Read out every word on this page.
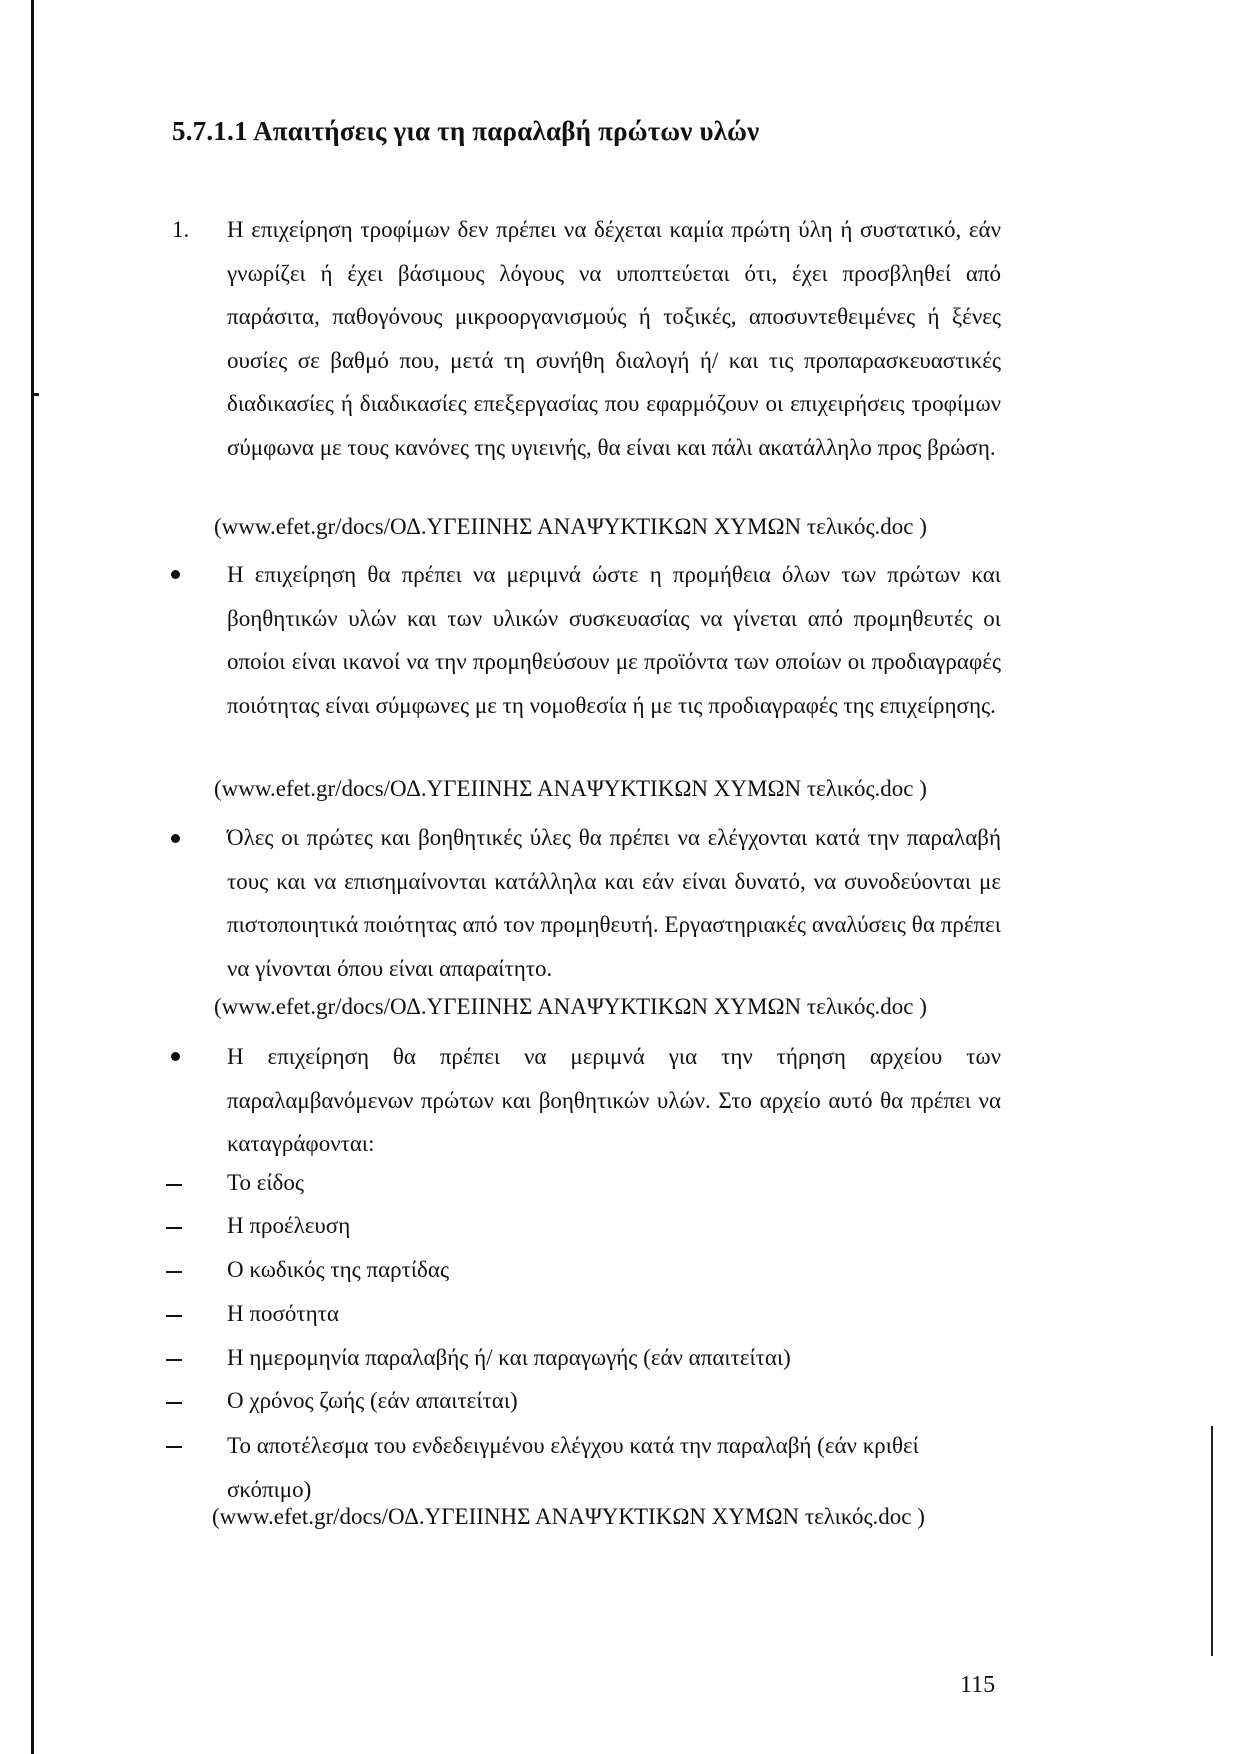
5.7.1.1 Απαιτήσεις για τη παραλαβή πρώτων υλών
1. Η επιχείρηση τροφίμων δεν πρέπει να δέχεται καμία πρώτη ύλη ή συστατικό, εάν γνωρίζει ή έχει βάσιμους λόγους να υποπτεύεται ότι, έχει προσβληθεί από παράσιτα, παθογόνους μικροοργανισμούς ή τοξικές, αποσυντεθειμένες ή ξένες ουσίες σε βαθμό που, μετά τη συνήθη διαλογή ή/ και τις προπαρασκευαστικές διαδικασίες ή διαδικασίες επεξεργασίας που εφαρμόζουν οι επιχειρήσεις τροφίμων σύμφωνα με τους κανόνες της υγιεινής, θα είναι και πάλι ακατάλληλο προς βρώση.
(www.efet.gr/docs/ΟΔ.ΥΓΕΙΙΝΗΣ ΑΝΑΨΥΚΤΙΚΩΝ ΧΥΜΩΝ τελικός.doc )
Η επιχείρηση θα πρέπει να μεριμνά ώστε η προμήθεια όλων των πρώτων και βοηθητικών υλών και των υλικών συσκευασίας να γίνεται από προμηθευτές οι οποίοι είναι ικανοί να την προμηθεύσουν με προϊόντα των οποίων οι προδιαγραφές ποιότητας είναι σύμφωνες με τη νομοθεσία ή με τις προδιαγραφές της επιχείρησης.
(www.efet.gr/docs/ΟΔ.ΥΓΕΙΙΝΗΣ ΑΝΑΨΥΚΤΙΚΩΝ ΧΥΜΩΝ τελικός.doc )
Όλες οι πρώτες και βοηθητικές ύλες θα πρέπει να ελέγχονται κατά την παραλαβή τους και να επισημαίνονται κατάλληλα και εάν είναι δυνατό, να συνοδεύονται με πιστοποιητικά ποιότητας από τον προμηθευτή. Εργαστηριακές αναλύσεις θα πρέπει να γίνονται όπου είναι απαραίτητο.
(www.efet.gr/docs/ΟΔ.ΥΓΕΙΙΝΗΣ ΑΝΑΨΥΚΤΙΚΩΝ ΧΥΜΩΝ τελικός.doc )
Η επιχείρηση θα πρέπει να μεριμνά για την τήρηση αρχείου των παραλαμβανόμενων πρώτων και βοηθητικών υλών. Στο αρχείο αυτό θα πρέπει να καταγράφονται:
Το είδος
Η προέλευση
Ο κωδικός της παρτίδας
Η ποσότητα
Η ημερομηνία παραλαβής ή/ και παραγωγής (εάν απαιτείται)
Ο χρόνος ζωής (εάν απαιτείται)
Το αποτέλεσμα του ενδεδειγμένου ελέγχου κατά την παραλαβή (εάν κριθεί σκόπιμο)
(www.efet.gr/docs/ΟΔ.ΥΓΕΙΙΝΗΣ ΑΝΑΨΥΚΤΙΚΩΝ ΧΥΜΩΝ τελικός.doc )
115
